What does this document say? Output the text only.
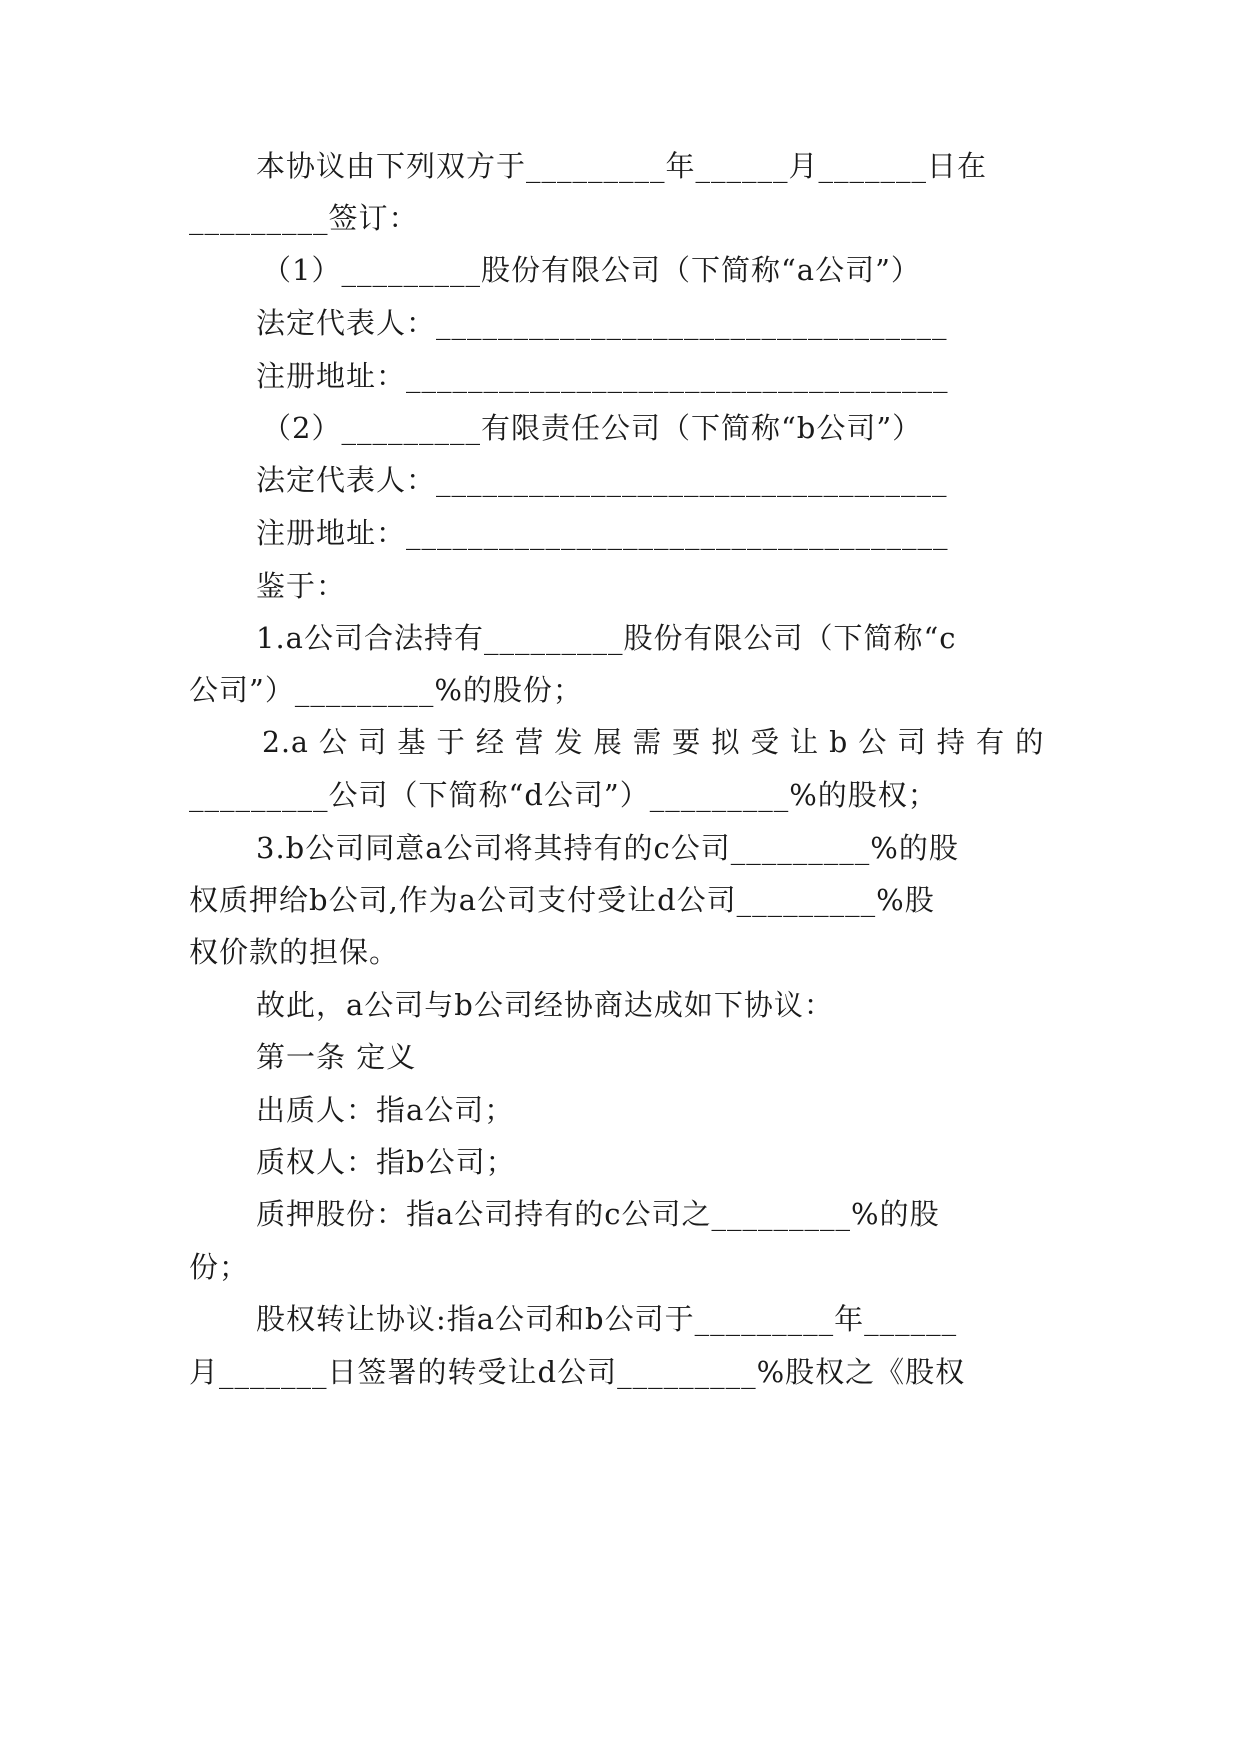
本协议由下列双方于_________年______月_______日在
_________签订：
（1）_________股份有限公司（下简称“a公司”）
法定代表人：_________________________________
注册地址：___________________________________
（2）_________有限责任公司（下简称“b公司”）
法定代表人：_________________________________
注册地址：___________________________________
鉴于：
1.a公司合法持有_________股份有限公司（下简称“c
公司”）_________%的股份；
2.a 公 司 基 于 经 营 发 展 需 要 拟 受 让 b 公 司 持 有 的
_________公司（下简称“d公司”）_________%的股权；
3.b公司同意a公司将其持有的c公司_________%的股
权质押给b公司,作为a公司支付受让d公司_________%股
权价款的担保。
故此，a公司与b公司经协商达成如下协议：
第一条 定义
出质人：指a公司；
质权人：指b公司；
质押股份：指a公司持有的c公司之_________%的股
份；
股权转让协议:指a公司和b公司于_________年______
月_______日签署的转受让d公司_________%股权之《股权
